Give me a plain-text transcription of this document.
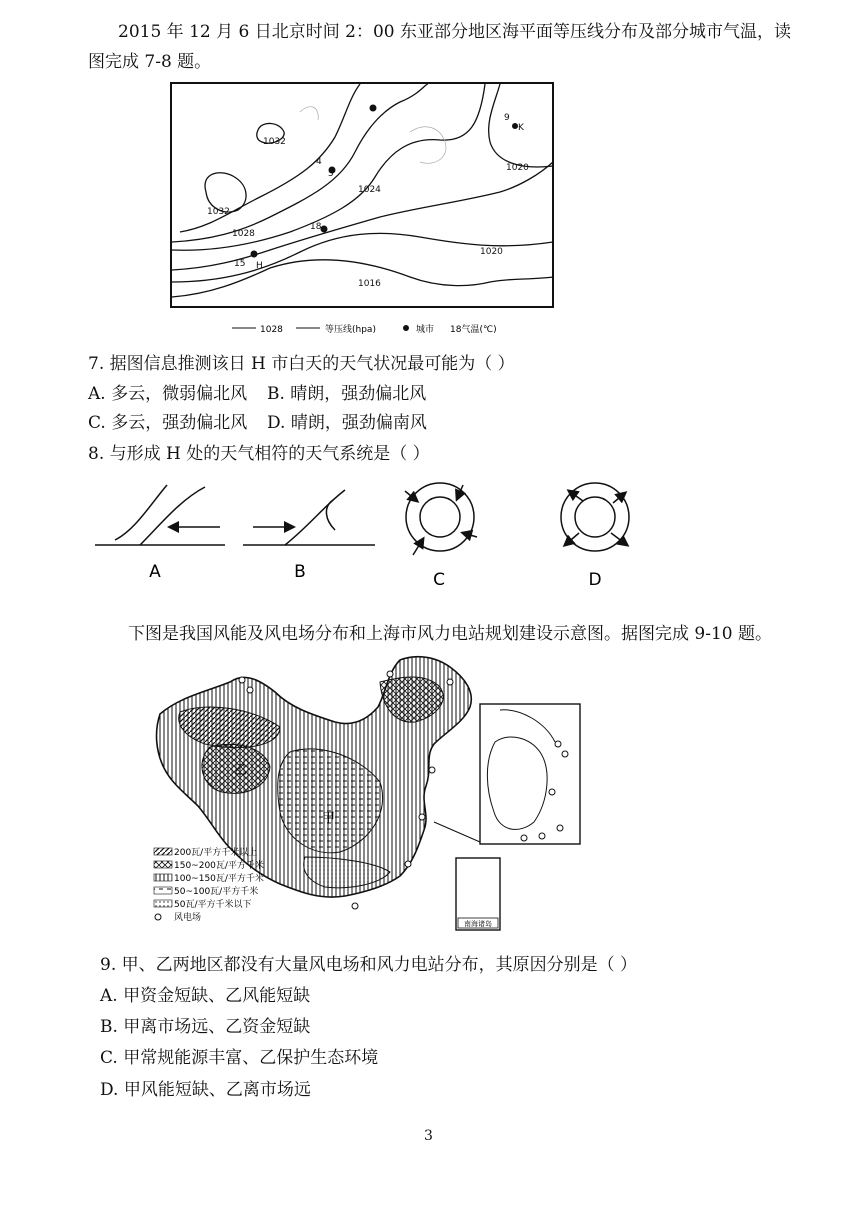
2015 年 12 月 6 日北京时间 2：00 东亚部分地区海平面等压线分布及部分城市气温，读
图完成 7-8 题。
1032
1032
1028
1024
1020
1020
1016
4
5
18
15 H
9
K
1028	等压线(hpa)	城市 18气温(℃)
7. 据图信息推测该日 H 市白天的天气状况最可能为（ ）
A. 多云，微弱偏北风 B. 晴朗，强劲偏北风
C. 多云，强劲偏北风 D. 晴朗，强劲偏南风
8. 与形成 H 处的天气相符的天气系统是（ ）
A	B	C	D
下图是我国风能及风电场分布和上海市风力电站规划建设示意图。据图完成 9-10 题。
乙
甲
南海诸岛
200瓦/平方千米以上
150~200瓦/平方千米
100~150瓦/平方千米
50~100瓦/平方千米
50瓦/平方千米以下
风电场
9. 甲、乙两地区都没有大量风电场和风力电站分布，其原因分别是（ ）
A. 甲资金短缺、乙风能短缺
B. 甲离市场远、乙资金短缺
C. 甲常规能源丰富、乙保护生态环境
D. 甲风能短缺、乙离市场远
3
